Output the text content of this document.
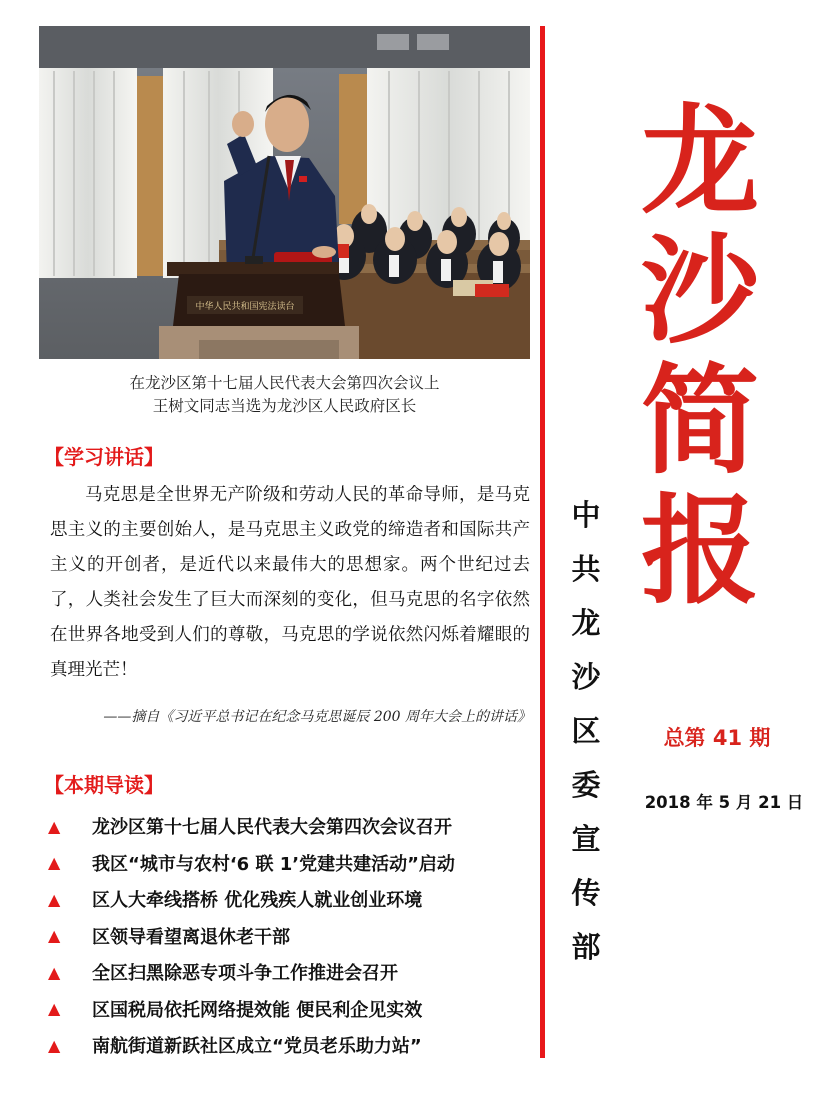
中华人民共和国宪法读台
在龙沙区第十七届人民代表大会第四次会议上
王树文同志当选为龙沙区人民政府区长
【学习讲话】

马克思是全世界无产阶级和劳动人民的革命导师，是马克思主义的主要创始人，是马克思主义政党的缔造者和国际共产主义的开创者，是近代以来最伟大的思想家。两个世纪过去了，人类社会发生了巨大而深刻的变化，但马克思的名字依然在世界各地受到人们的尊敬，马克思的学说依然闪烁着耀眼的真理光芒！

——摘自《习近平总书记在纪念马克思诞辰 200 周年大会上的讲话》
【本期导读】
▲	龙沙区第十七届人民代表大会第四次会议召开
▲	我区“城市与农村‘6 联 1’党建共建活动”启动
▲	区人大牵线搭桥 优化残疾人就业创业环境
▲	区领导看望离退休老干部
▲	全区扫黑除恶专项斗争工作推进会召开
▲	区国税局依托网络提效能 便民利企见实效
▲	南航街道新跃社区成立“党员老乐助力站”
龙
沙
简
报
中
共
龙
沙
区
委
宣
传
部
总第 41 期
2018 年 5 月 21 日
